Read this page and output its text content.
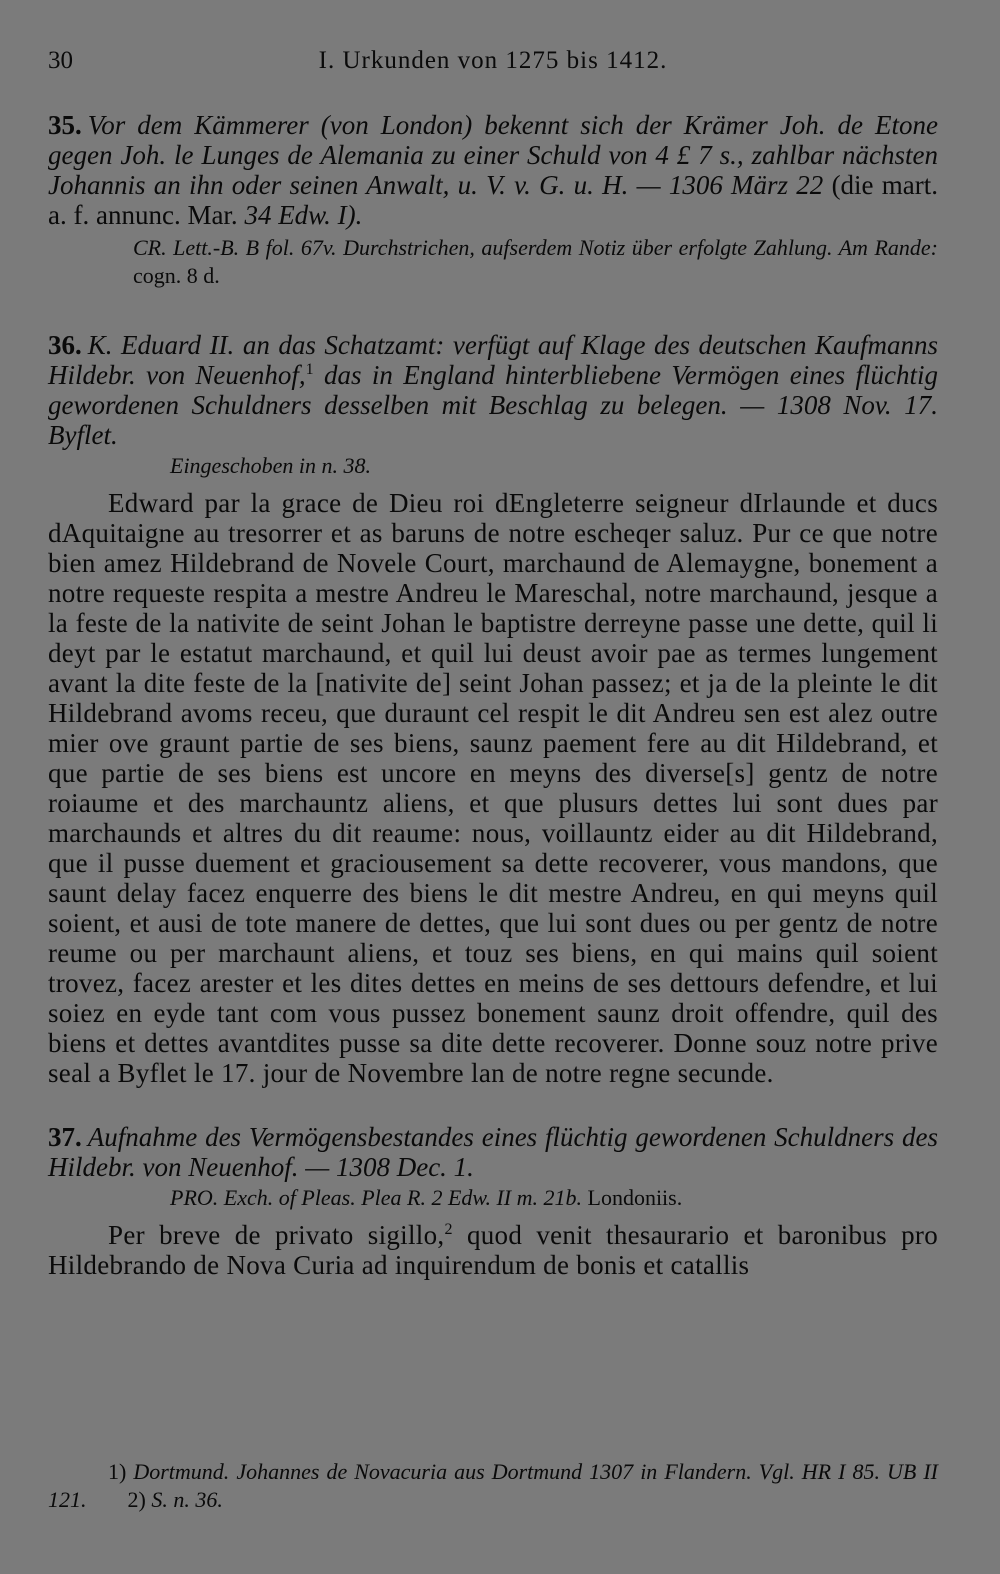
30	I. Urkunden von 1275 bis 1412.
35. Vor dem Kämmerer (von London) bekennt sich der Krämer Joh. de Etone gegen Joh. le Lunges de Alemania zu einer Schuld von 4 £ 7 s., zahlbar nächsten Johannis an ihn oder seinen Anwalt, u. V. v. G. u. H. — 1306 März 22 (die mart. a. f. annunc. Mar. 34 Edw. I).
CR. Lett.-B. B fol. 67v. Durchstrichen, aufserdem Notiz über erfolgte Zahlung. Am Rande: cogn. 8 d.
36. K. Eduard II. an das Schatzamt: verfügt auf Klage des deutschen Kaufmanns Hildebr. von Neuenhof,$^1$ das in England hinterbliebene Vermögen eines flüchtig gewordenen Schuldners desselben mit Beschlag zu belegen. — 1308 Nov. 17. Byflet.
Eingeschoben in n. 38.
Edward par la grace de Dieu roi dEngleterre seigneur dIrlaunde et ducs dAquitaigne au tresorrer et as baruns de notre escheqer saluz. Pur ce que notre bien amez Hildebrand de Novele Court, marchaund de Alemaygne, bonement a notre requeste respita a mestre Andreu le Mareschal, notre marchaund, jesque a la feste de la nativite de seint Johan le baptistre derreyne passe une dette, quil li deyt par le estatut marchaund, et quil lui deust avoir pae as termes lungement avant la dite feste de la [nativite de] seint Johan passez; et ja de la pleinte le dit Hildebrand avoms receu, que duraunt cel respit le dit Andreu sen est alez outre mier ove graunt partie de ses biens, saunz paement fere au dit Hildebrand, et que partie de ses biens est uncore en meyns des diverse[s] gentz de notre roiaume et des marchauntz aliens, et que plusurs dettes lui sont dues par marchaunds et altres du dit reaume: nous, voillauntz eider au dit Hildebrand, que il pusse duement et graciousement sa dette recoverer, vous mandons, que saunt delay facez enquerre des biens le dit mestre Andreu, en qui meyns quil soient, et ausi de tote manere de dettes, que lui sont dues ou per gentz de notre reume ou per marchaunt aliens, et touz ses biens, en qui mains quil soient trovez, facez arester et les dites dettes en meins de ses dettours defendre, et lui soiez en eyde tant com vous pussez bonement saunz droit offendre, quil des biens et dettes avantdites pusse sa dite dette recoverer. Donne souz notre prive seal a Byflet le 17. jour de Novembre lan de notre regne secunde.
37. Aufnahme des Vermögensbestandes eines flüchtig gewordenen Schuldners des Hildebr. von Neuenhof. — 1308 Dec. 1.
PRO. Exch. of Pleas. Plea R. 2 Edw. II m. 21b. Londoniis.
Per breve de privato sigillo,$^2$ quod venit thesaurario et baronibus pro Hildebrando de Nova Curia ad inquirendum de bonis et catallis
1) Dortmund. Johannes de Novacuria aus Dortmund 1307 in Flandern. Vgl. HR I 85. UB II 121. 2) S. n. 36.
